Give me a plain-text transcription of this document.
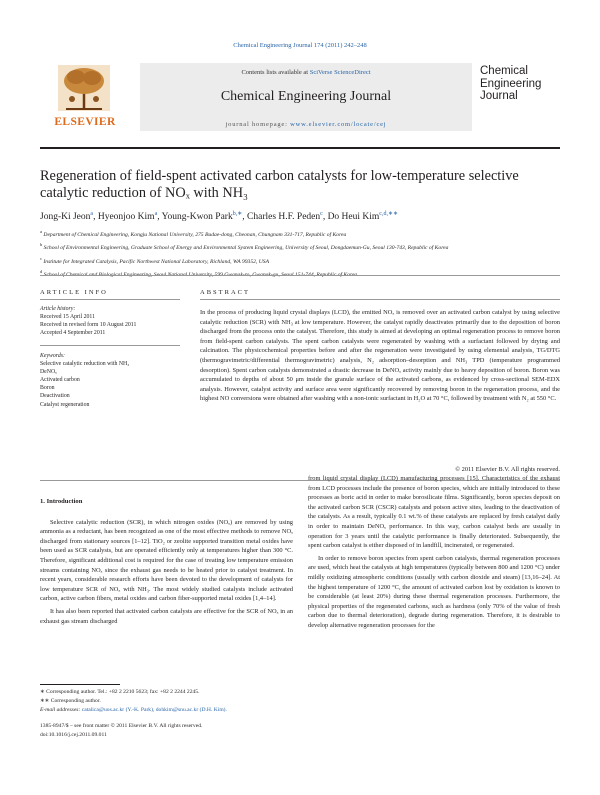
Chemical Engineering Journal 174 (2011) 242–248
ELSEVIER
Contents lists available at SciVerse ScienceDirect
Chemical Engineering Journal
journal homepage: www.elsevier.com/locate/cej
Chemical
Engineering
Journal
Regeneration of field-spent activated carbon catalysts for low-temperature selective catalytic reduction of NOₓ with NH₃
Jong-Ki Jeon$^a$, Hyeonjoo Kim$^a$, Young-Kwon Park$^{b,∗}$, Charles H.F. Peden$^c$, Do Heui Kim$^{c,d,∗∗}$
$^a$ Department of Chemical Engineering, Kongju National University, 275 Budae-dong, Cheonan, Chungnam 331-717, Republic of Korea
$^b$ School of Environmental Engineering, Graduate School of Energy and Environmental System Engineering, University of Seoul, Dongdaemun-Gu, Seoul 130-743, Republic of Korea
$^c$ Institute for Integrated Catalysis, Pacific Northwest National Laboratory, Richland, WA 99352, USA
$^d$
ARTICLE INFO
Article history:
Received 15 April 2011
Received in revised form 10 August 2011
Accepted 4 September 2011
Keywords:
Selective catalytic reduction with NH₃
DeNOₓ
Activated carbon
Boron
Deactivation
Catalyst regeneration
ABSTRACT

In the process of producing liquid crystal displays (LCD), the emitted NOₓ is removed over an activated carbon catalyst by using selective catalytic reduction (SCR) with NH₃ at low temperature. However, the catalyst rapidly deactivates primarily due to the deposition of boron discharged from the process onto the catalyst. Therefore, this study is aimed at developing an optimal regeneration process to remove boron from field-spent carbon catalysts. The spent carbon catalysts were regenerated by washing with a surfactant followed by drying and calcination. The physicochemical properties before and after the regeneration were investigated by using elemental analysis, TG/DTG (thermogravimetric/differential thermogravimetric) analysis, N₂ adsorption–desorption and NH₃ TPD (temperature programmed desorption). Spent carbon catalysts demonstrated a drastic decrease in DeNOₓ activity mainly due to heavy deposition of boron. Boron was accumulated to depths of about 50 μm inside the granule surface of the activated carbons, as evidenced by cross-sectional SEM-EDX analysis. However, catalyst activity and surface area were significantly recovered by removing boron in the regeneration process, and the highest NO conversions were obtained after washing with a non-ionic surfactant in H₂O at 70 °C, followed by treatment with N₂ at 550 °C.

© 2011 Elsevier B.V. All rights reserved.

1. Introduction

Selective catalytic reduction (SCR), in which nitrogen oxides (NOₓ) are removed by using ammonia as a reductant, has been recognized as one of the most effective methods to remove NOₓ discharged from stationary sources [1–12]. TiO₂ or zeolite supported transition metal oxides have been used as SCR catalysts, but are operated efficiently only at temperatures higher than 300 °C. Therefore, significant additional cost is required for the case of treating low temperature emission streams containing NOₓ since the exhaust gas needs to be heated prior to catalyst treatment. In recent years, considerable research efforts have been devoted to the development of catalysts for low temperature SCR of NOₓ with NH₃. The most widely studied catalysts include activated carbon, active carbon fibers, metal oxides and carbon fiber-supported metal oxides [1,4–14].

It has also been reported that activated carbon catalysts are effective for the SCR of NOₓ in an exhaust gas stream discharged

from liquid crystal display (LCD) manufacturing processes [15]. Characteristics of the exhaust from LCD processes include the presence of boron species, which are initially introduced to these processes as boric acid in order to make borosilicate films. Significantly, boron species deposit on the activated carbon SCR (CSCR) catalysts and poison active sites, leading to the deactivation of the catalysts. As a result, typically 0.1 wt.% of these catalysts are replaced by fresh catalyst daily in order to maintain DeNOₓ performance. In this way, carbon catalyst beds are usually in operation for 3 years until the catalytic performance is finally deteriorated. Subsequently, the spent carbon catalyst is either disposed of in landfill, incinerated, or regenerated.

In order to remove boron species from spent carbon catalysts, thermal regeneration processes are used, which heat the catalysts at high temperatures (typically between 800 and 1200 °C) under mildly oxidizing atmospheric conditions (usually with carbon dioxide and steam) [13,16–24]. At the highest temperature of 1200 °C, the amount of activated carbon lost by oxidation is known to be considerable (at least 20%) during these thermal regeneration processes. Furthermore, the physical properties of the regenerated carbons, such as hardness (only 70% of the value of fresh carbon due to thermal deterioration), degrade during regeneration. Therefore, it is desirable to develop alternative regeneration processes for the

∗ Corresponding author. Tel.: +82 2 2210 5623; fax: +82 2 2244 2245.
∗∗ Corresponding author.
E-mail addresses: catalica@uos.ac.kr (Y.-K. Park), dohkim@snu.ac.kr (D.H. Kim).
1385-8947/$ – see front matter © 2011 Elsevier B.V. All rights reserved.
doi:10.1016/j.cej.2011.09.011
